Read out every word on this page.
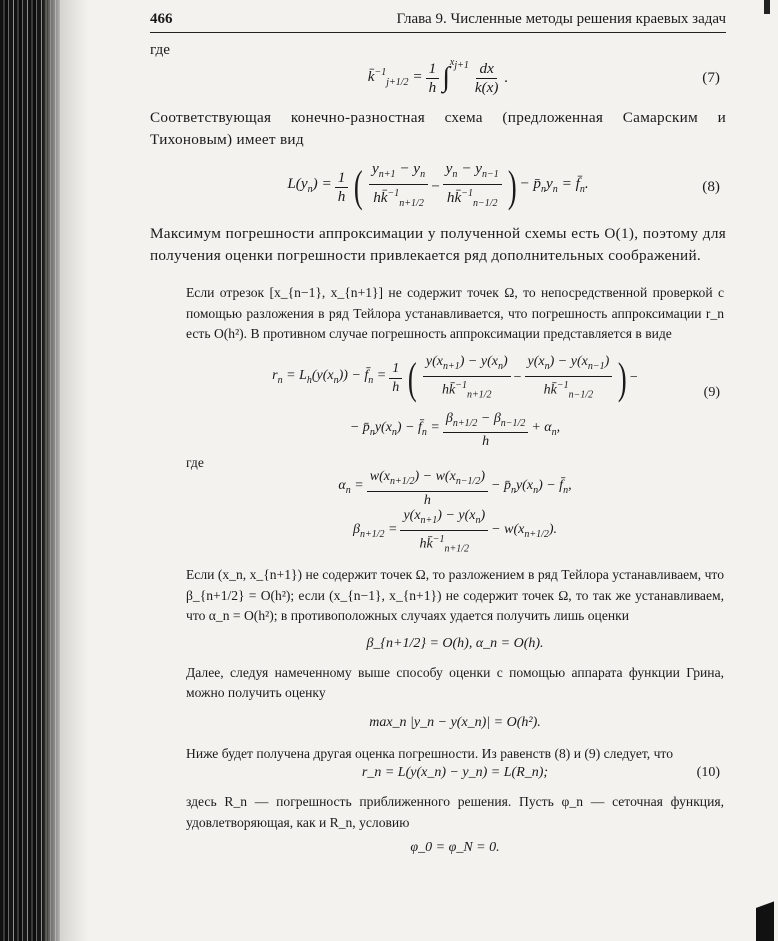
466	Глава 9. Численные методы решения краевых задач

где

k̄$^{-1}_{j+1/2}$ = $\frac{1}{h}$ ∫ $x_{j+1} \frac{dx}{k(x)}$ .	(7)

Соответствующая конечно-разностная схема (предложенная Самарским и Тихоновым) имеет вид

$L(y_n) = \frac{1}{h}$ ( $\frac{y_{n+1} - y_n}{hk̄^{-1}_{n+1/2}} - \frac{y_n - y_{n-1}}{hk̄^{-1}_{n-1/2}}$ ) − $p̄_ny_n$ = $f̄_n$.	(8)

Максимум погрешности аппроксимации у полученной схемы есть O(1), поэтому для получения оценки погрешности привлекается ряд дополнительных соображений.

Если отрезок [x_{n−1}, x_{n+1}] не содержит точек Ω, то непосредственной проверкой с помощью разложения в ряд Тейлора устанавливается, что погрешность аппроксимации r_n есть O(h²). В противном случае погрешность аппроксимации представляется в виде

$r_n = L_h(y(x_n))$ − $f̄_n = \frac{1}{h}$ ( $\frac{y(x_{n+1}) - y(x_n)}{hk̄^{-1}_{n+1/2}} - \frac{y(x_n) - y(x_{n-1})}{hk̄^{-1}_{n-1/2}}$ ) −
− $p̄_ny(x_n)$ − $f̄_n = \frac{\beta_{n+1/2} - \beta_{n-1/2}}{h} + \alpha_n$,
(9)

где

$\alpha_n = \frac{w(x_{n+1/2}) - w(x_{n-1/2})}{h}$ − $p̄_ny(x_n)$ − $f̄_n$,
$\beta_{n+1/2} = \frac{y(x_{n+1}) - y(x_n)}{hk̄^{-1}_{n+1/2}} - w(x_{n+1/2})$.

Если (x_n, x_{n+1}) не содержит точек Ω, то разложением в ряд Тейлора устанавливаем, что β_{n+1/2} = O(h²); если (x_{n−1}, x_{n+1}) не содержит точек Ω, то так же устанавливаем, что α_n = O(h²); в противоположных случаях удается получить лишь оценки

β_{n+1/2} = O(h), α_n = O(h).

Далее, следуя намеченному выше способу оценки с помощью аппарата функции Грина, можно получить оценку

max_n |y_n − y(x_n)| = O(h²).

Ниже будет получена другая оценка погрешности. Из равенств (8) и (9) следует, что

r_n = L(y(x_n) − y_n) = L(R_n);	(10)

здесь R_n — погрешность приближенного решения. Пусть φ_n — сеточная функция, удовлетворяющая, как и R_n, условию

φ_0 = φ_N = 0.
